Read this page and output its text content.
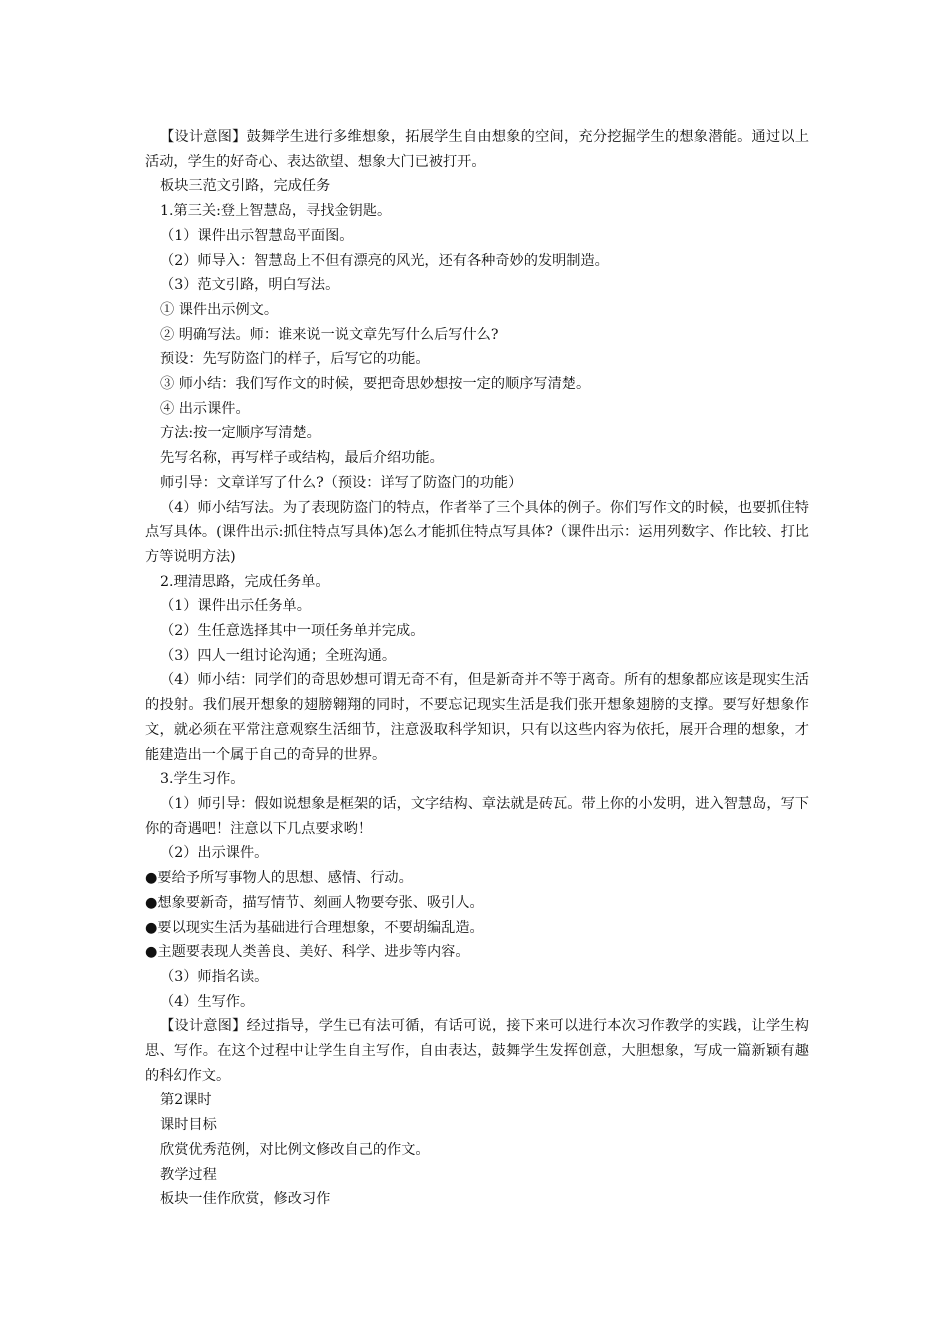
【设计意图】鼓舞学生进行多维想象，拓展学生自由想象的空间，充分挖掘学生的想象潜能。通过以上活动，学生的好奇心、表达欲望、想象大门已被打开。

板块三范文引路，完成任务

1.第三关:登上智慧岛，寻找金钥匙。

（1）课件出示智慧岛平面图。

（2）师导入：智慧岛上不但有漂亮的风光，还有各种奇妙的发明制造。

（3）范文引路，明白写法。

① 课件出示例文。

② 明确写法。师：谁来说一说文章先写什么后写什么?

预设：先写防盗门的样子，后写它的功能。

③ 师小结：我们写作文的时候，要把奇思妙想按一定的顺序写清楚。

④ 出示课件。

方法:按一定顺序写清楚。

先写名称，再写样子或结构，最后介绍功能。

师引导：文章详写了什么?（预设：详写了防盗门的功能）

（4）师小结写法。为了表现防盗门的特点，作者举了三个具体的例子。你们写作文的时候，也要抓住特点写具体。(课件出示:抓住特点写具体)怎么才能抓住特点写具体?（课件出示：运用列数字、作比较、打比方等说明方法)

2.理清思路，完成任务单。

（1）课件出示任务单。

（2）生任意选择其中一项任务单并完成。

（3）四人一组讨论沟通；全班沟通。

（4）师小结：同学们的奇思妙想可谓无奇不有，但是新奇并不等于离奇。所有的想象都应该是现实生活的投射。我们展开想象的翅膀翱翔的同时，不要忘记现实生活是我们张开想象翅膀的支撑。要写好想象作文，就必须在平常注意观察生活细节，注意汲取科学知识，只有以这些内容为依托，展开合理的想象，才能建造出一个属于自己的奇异的世界。

3.学生习作。

（1）师引导：假如说想象是框架的话，文字结构、章法就是砖瓦。带上你的小发明，进入智慧岛，写下你的奇遇吧！注意以下几点要求哟！

（2）出示课件。

●要给予所写事物人的思想、感情、行动。

●想象要新奇，描写情节、刻画人物要夸张、吸引人。

●要以现实生活为基础进行合理想象，不要胡编乱造。

●主题要表现人类善良、美好、科学、进步等内容。

（3）师指名读。

（4）生写作。

【设计意图】经过指导，学生已有法可循，有话可说，接下来可以进行本次习作教学的实践，让学生构思、写作。在这个过程中让学生自主写作，自由表达，鼓舞学生发挥创意，大胆想象，写成一篇新颖有趣的科幻作文。

第2课时

课时目标

欣赏优秀范例，对比例文修改自己的作文。

教学过程

板块一佳作欣赏，修改习作
